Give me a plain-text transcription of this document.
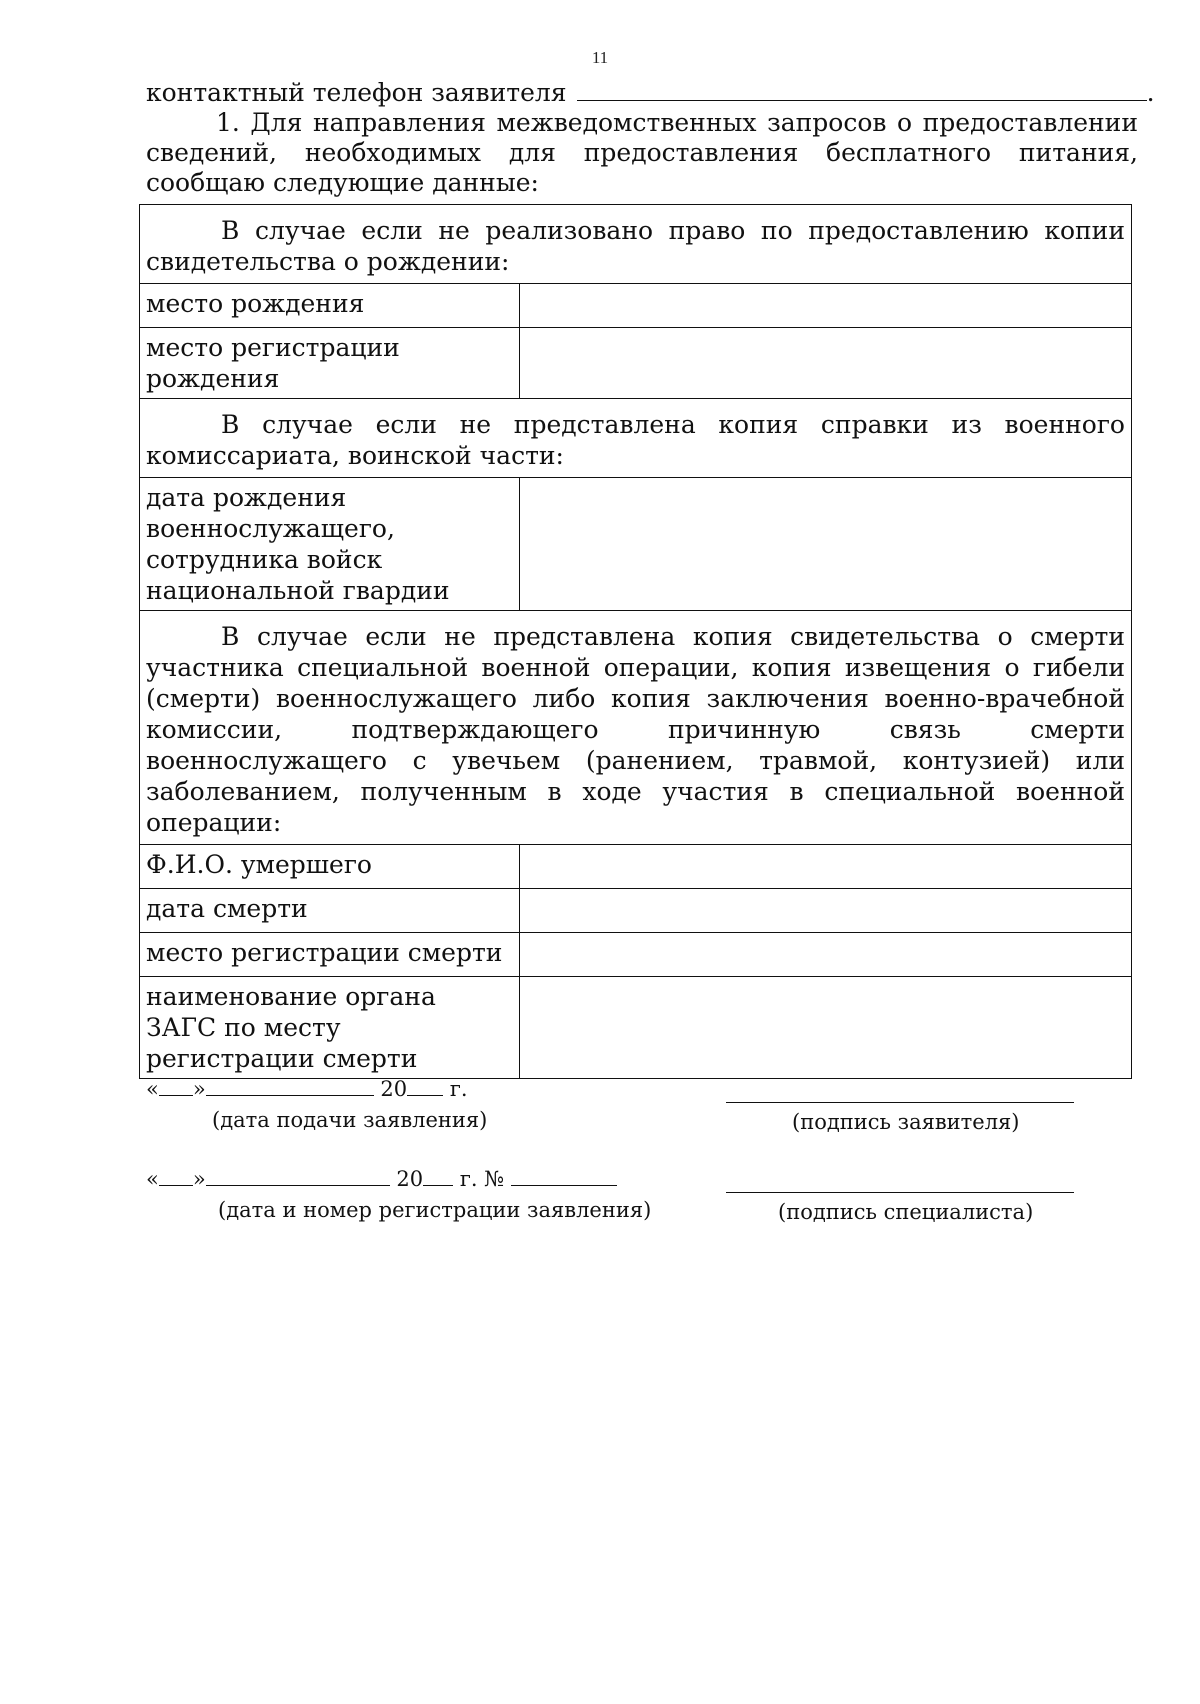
11
контактный телефон заявителя	.
1. Для направления межведомственных запросов о предоставлении сведений, необходимых для предоставления бесплатного питания, сообщаю следующие данные:
В случае если не реализовано право по предоставлению копии свидетельства о рождении:	
место рождения	
место регистрации рождения	
В случае если не представлена копия справки из военного комиссариата, воинской части:	
дата рождения военнослужащего, сотрудника войск национальной гвардии	
В случае если не представлена копия свидетельства о смерти участника специальной военной операции, копия извещения о гибели (смерти) военнослужащего либо копия заключения военно-врачебной комиссии, подтверждающего причинную связь смерти военнослужащего с увечьем (ранением, травмой, контузией) или заболеванием, полученным в ходе участия в специальной военной операции:	
Ф.И.О. умершего	
дата смерти	
место регистрации смерти	
наименование органа ЗАГС по месту регистрации смерти	
« »	20 г.
(дата подачи заявления)	(подпись заявителя)
« »	20 г. №
(дата и номер регистрации заявления)	(подпись специалиста)
